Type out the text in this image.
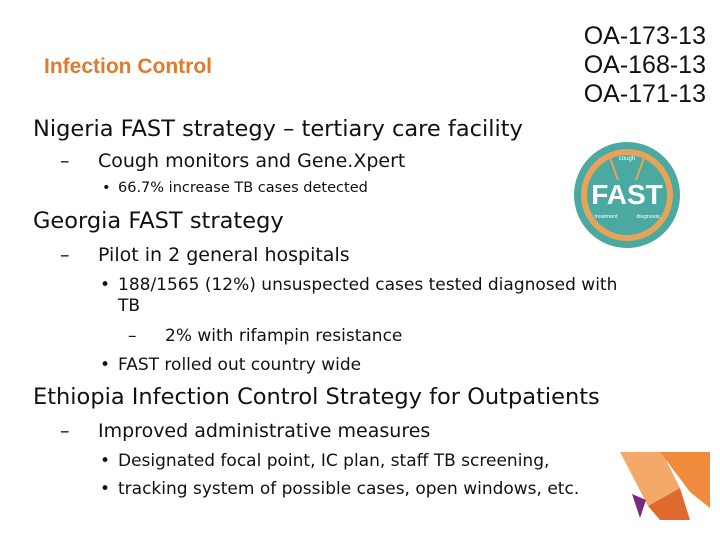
Infection Control
OA-173-13
OA-168-13
OA-171-13
cough
FAST
treatment	diagnosis
Nigeria FAST strategy – tertiary care facility
– Cough monitors and Gene.Xpert
• 66.7% increase TB cases detected
Georgia FAST strategy
– Pilot in 2 general hospitals
• 188/1565 (12%) unsuspected cases tested diagnosed with
TB
– 2% with rifampin resistance
• FAST rolled out country wide
Ethiopia Infection Control Strategy for Outpatients
– Improved administrative measures
• Designated focal point, IC plan, staff TB screening,
• tracking system of possible cases, open windows, etc.
